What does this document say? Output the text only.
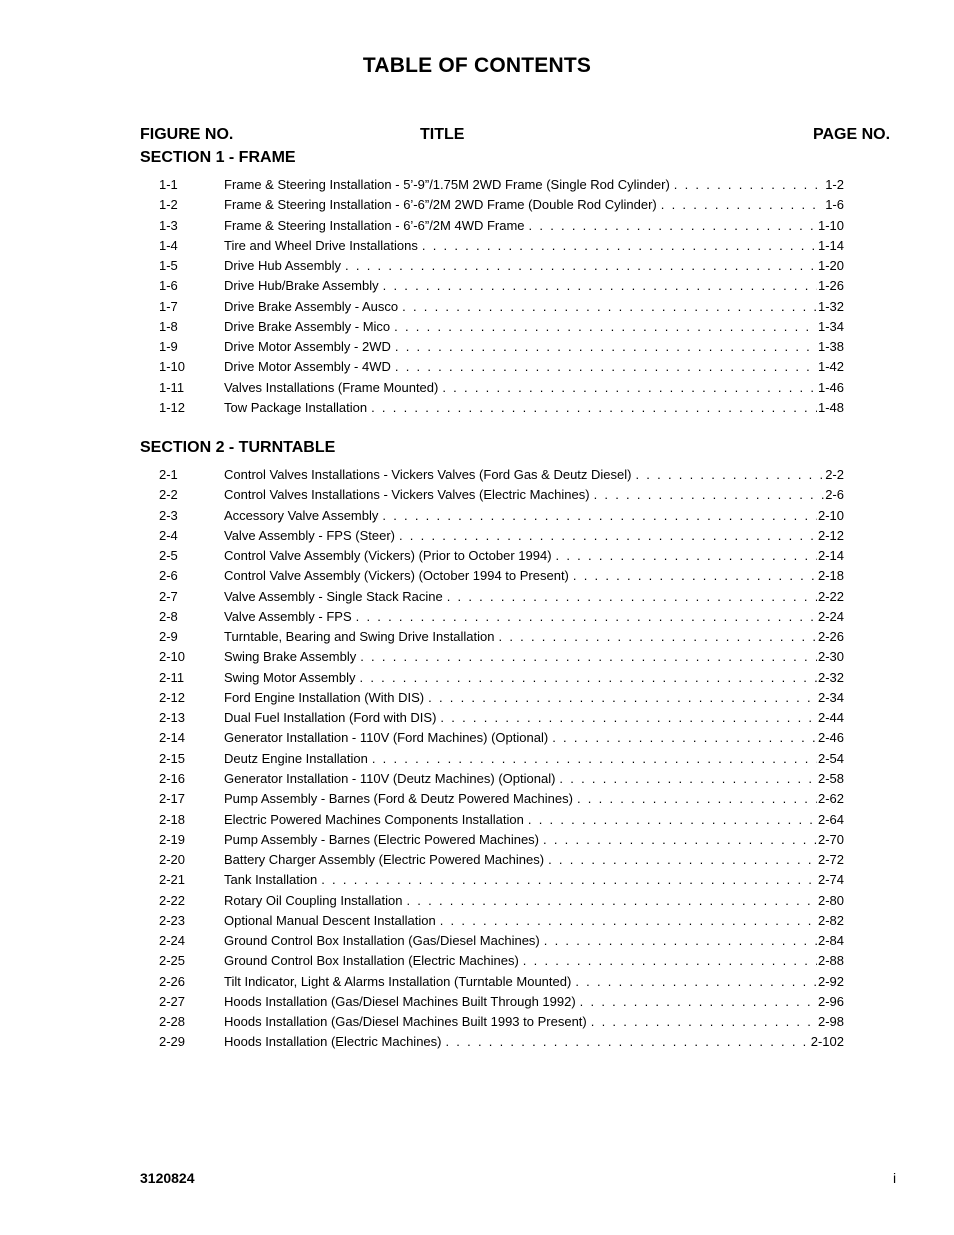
TABLE OF CONTENTS
FIGURE NO.	TITLE	PAGE NO.
SECTION 1 - FRAME
1-1	Frame & Steering Installation - 5’-9”/1.75M 2WD Frame (Single Rod Cylinder) . . .	1-2
1-2	Frame & Steering Installation - 6’-6”/2M 2WD Frame (Double Rod Cylinder) . . .	1-6
1-3	Frame & Steering Installation - 6’-6”/2M 4WD Frame . . .	1-10
1-4	Tire and Wheel Drive Installations . . .	1-14
1-5	Drive Hub Assembly . . .	1-20
1-6	Drive Hub/Brake Assembly . . .	1-26
1-7	Drive Brake Assembly - Ausco . . .	1-32
1-8	Drive Brake Assembly - Mico . . .	1-34
1-9	Drive Motor Assembly - 2WD . . .	1-38
1-10	Drive Motor Assembly - 4WD . . .	1-42
1-11	Valves Installations (Frame Mounted) . . .	1-46
1-12	Tow Package Installation . . .	1-48
SECTION 2 - TURNTABLE
2-1	Control Valves Installations - Vickers Valves (Ford Gas & Deutz Diesel) . . .	2-2
2-2	Control Valves Installations - Vickers Valves (Electric Machines) . . .	2-6
2-3	Accessory Valve Assembly . . .	2-10
2-4	Valve Assembly - FPS (Steer) . . .	2-12
2-5	Control Valve Assembly (Vickers) (Prior to October 1994) . . .	2-14
2-6	Control Valve Assembly (Vickers) (October 1994 to Present) . . .	2-18
2-7	Valve Assembly - Single Stack Racine . . .	2-22
2-8	Valve Assembly - FPS . . .	2-24
2-9	Turntable, Bearing and Swing Drive Installation . . .	2-26
2-10	Swing Brake Assembly . . .	2-30
2-11	Swing Motor Assembly . . .	2-32
2-12	Ford Engine Installation (With DIS) . . .	2-34
2-13	Dual Fuel Installation (Ford with DIS) . . .	2-44
2-14	Generator Installation - 110V (Ford Machines) (Optional) . . .	2-46
2-15	Deutz Engine Installation . . .	2-54
2-16	Generator Installation - 110V (Deutz Machines) (Optional) . . .	2-58
2-17	Pump Assembly - Barnes (Ford & Deutz Powered Machines) . . .	2-62
2-18	Electric Powered Machines Components Installation . . .	2-64
2-19	Pump Assembly - Barnes (Electric Powered Machines) . . .	2-70
2-20	Battery Charger Assembly (Electric Powered Machines) . . .	2-72
2-21	Tank Installation . . .	2-74
2-22	Rotary Oil Coupling Installation . . .	2-80
2-23	Optional Manual Descent Installation . . .	2-82
2-24	Ground Control Box Installation (Gas/Diesel Machines) . . .	2-84
2-25	Ground Control Box Installation (Electric Machines) . . .	2-88
2-26	Tilt Indicator, Light & Alarms Installation (Turntable Mounted) . . .	2-92
2-27	Hoods Installation (Gas/Diesel Machines Built Through 1992) . . .	2-96
2-28	Hoods Installation (Gas/Diesel Machines Built 1993 to Present) . . .	2-98
2-29	Hoods Installation (Electric Machines) . . .	2-102
3120824	i
